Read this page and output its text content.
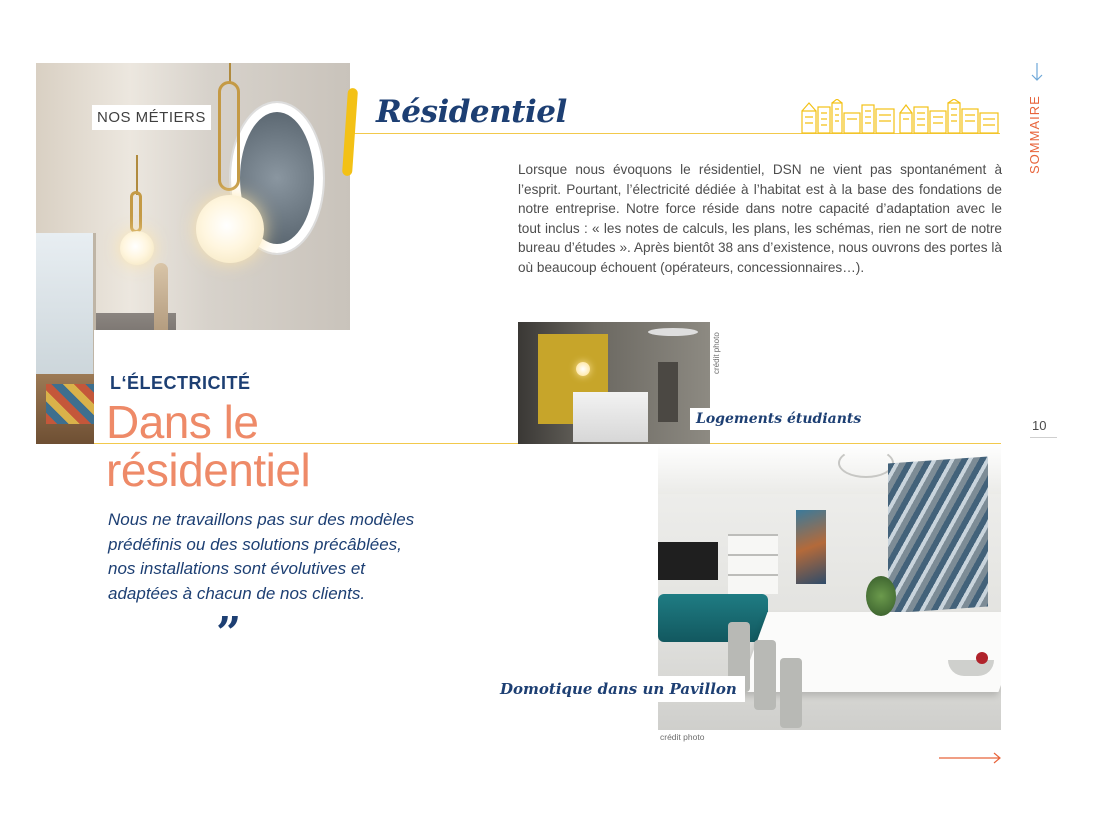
NOS MÉTIERS	Résidentiel
Lorsque nous évoquons le résidentiel, DSN ne vient pas spontanément à l’esprit. Pourtant, l’électricité dédiée à l’habitat est à la base des fondations de notre entreprise. Notre force réside dans notre capacité d’adaptation avec le tout inclus : « les notes de calculs, les plans, les schémas, rien ne sort de notre bureau d’études ». Après bientôt 38 ans d’existence, nous ouvrons des portes là où beaucoup échouent (opérateurs, concessionnaires…).
crédit photo
Logements étudiants
L‘ÉLECTRICITÉ
Dans le résidentiel
Nous ne travaillons pas sur des modèles prédéfinis ou des solutions précâblées, nos installations sont évolutives et adaptées à chacun de nos clients.
”
Domotique dans un Pavillon
crédit photo
SOMMAIRE
10
